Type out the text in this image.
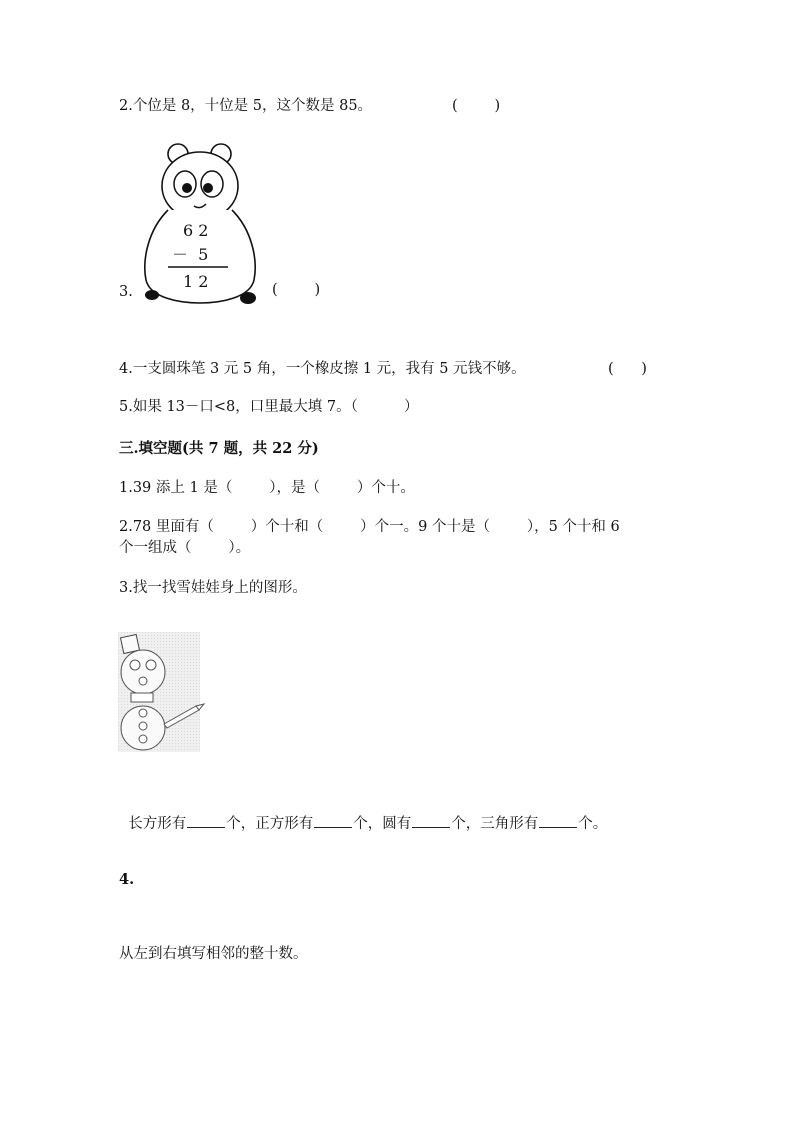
2.个位是 8，十位是 5，这个数是 85。	(        )
3.
6 2
－  5
1 2	(        )
4.一支圆珠笔 3 元 5 角，一个橡皮擦 1 元，我有 5 元钱不够。	(      )
5.如果 13－口<8，口里最大填 7。（          ）
三.填空题(共 7 题，共 22 分)
1.39 添上 1 是（        ），是（        ）个十。
2.78 里面有（        ）个十和（        ）个一。9 个十是（        ），5 个十和 6
个一组成（        ）。
3.找一找雪娃娃身上的图形。

长方形有	个，正方形有	个，圆有	个，三角形有	个。

4.
从左到右填写相邻的整十数。
